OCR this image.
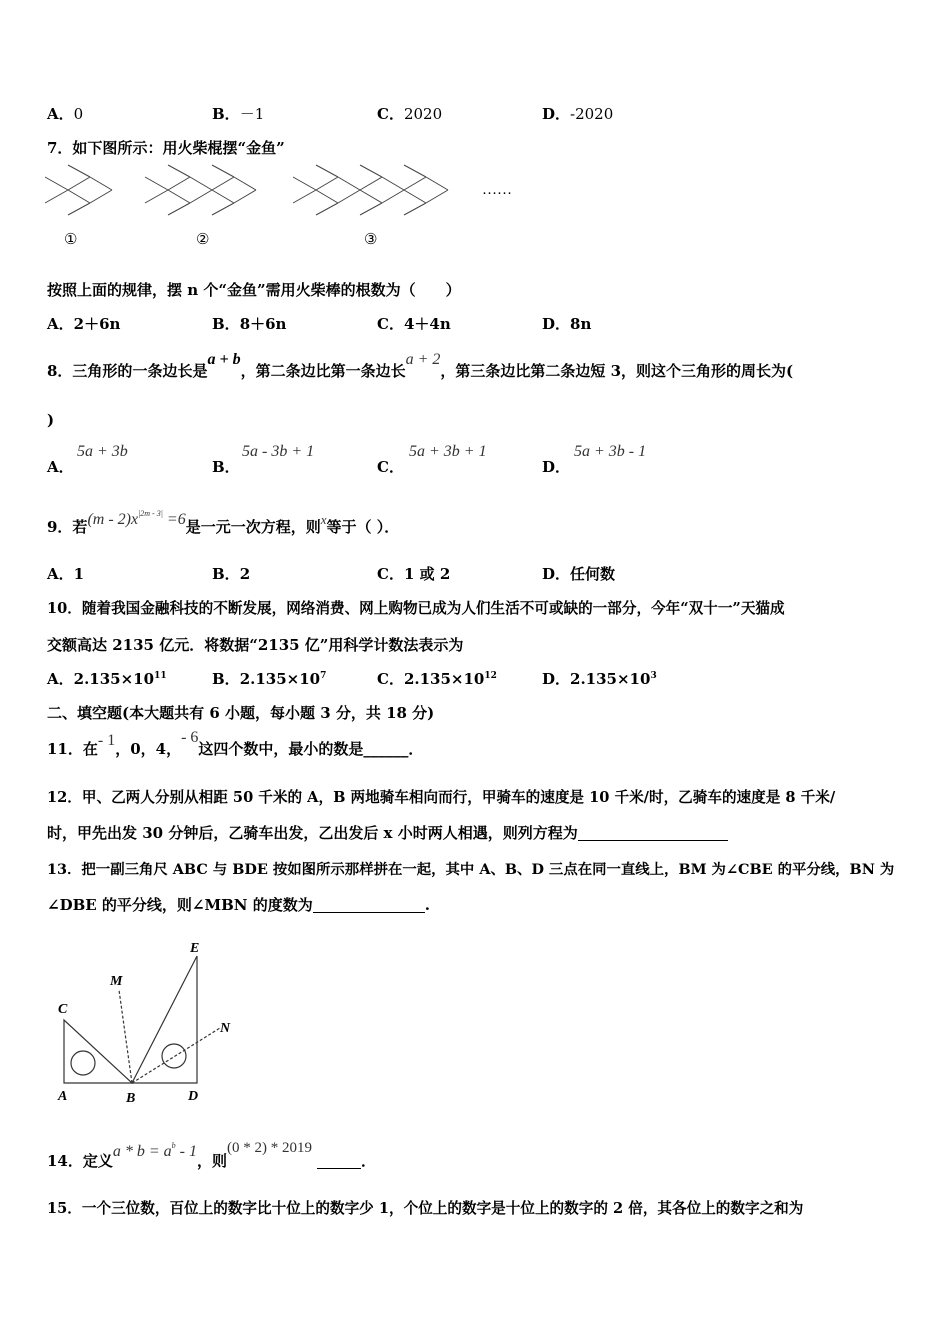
A．0	B．－1	C．2020	D．-2020
7．如下图所示：用火柴棍摆“金鱼”
①	②	③
……
按照上面的规律，摆 n 个“金鱼”需用火柴棒的根数为（　　）
A．2＋6n	B．8＋6n	C．4＋4n	D．8n
8．三角形的一条边长是a + b，第二条边比第一条边长a + 2，第三条边比第二条边短 3，则这个三角形的周长为(
)
A．
5a + 3b
B．
5a - 3b + 1
C．
5a + 3b + 1
D．
5a + 3b - 1
9．若$(m - 2)x^{|2m - 3|} =6$是一元一次方程，则x等于（ ）．
A．1	B．2	C．1 或 2	D．任何数
10．随着我国金融科技的不断发展，网络消费、网上购物已成为人们生活不可或缺的一部分，今年“双十一”天猫成
交额高达 2135 亿元．将数据“2135 亿”用科学计数法表示为
A．$2.135\times 10^{11}$	B．$2.135\times 10^7$	C．$2.135\times 10^{12}$	D．$2.135\times 10^3$
二、填空题(本大题共有 6 小题，每小题 3 分，共 18 分)
11．在- 1，0，4，- 6这四个数中，最小的数是______．
12．甲、乙两人分别从相距 50 千米的 A，B 两地骑车相向而行，甲骑车的速度是 10 千米/时，乙骑车的速度是 8 千米/
时，甲先出发 30 分钟后，乙骑车出发，乙出发后 x 小时两人相遇，则列方程为
13．把一副三角尺 ABC 与 BDE 按如图所示那样拼在一起，其中 A、B、D 三点在同一直线上，BM 为∠CBE 的平分线，BN 为
∠DBE 的平分线，则∠MBN 的度数为	.
A	B
C
D
E
M
N
14．定义$a * b = a^b - 1$，则(0 * 2) * 2019．
15．一个三位数，百位上的数字比十位上的数字少 1，个位上的数字是十位上的数字的 2 倍，其各位上的数字之和为
